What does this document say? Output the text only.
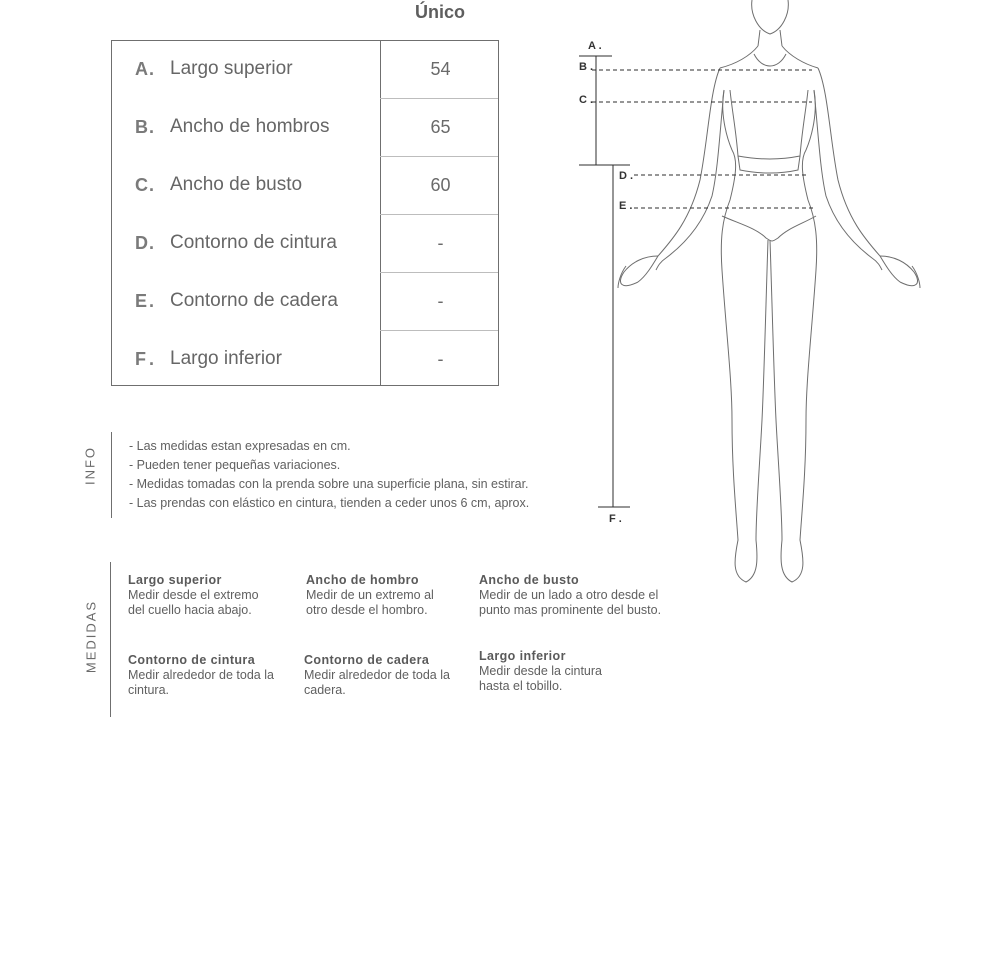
Único
A . Largo superior	54
B . Ancho de hombros	65
C . Ancho de busto	60
D . Contorno de cintura	-
E . Contorno de cadera	-
F . Largo inferior	-
INFO	- Las medidas estan expresadas en cm.
- Pueden tener pequeñas variaciones.
- Medidas tomadas con la prenda sobre una superficie plana, sin estirar.
- Las prendas con elástico en cintura, tienden a ceder unos 6 cm, aprox.
MEDIDAS
Largo superior
Medir desde el extremo del cuello hacia abajo.
Ancho de hombro
Medir de un extremo al otro desde el hombro.
Ancho de busto
Medir de un lado a otro desde el punto mas prominente del busto.
Contorno de cintura
Medir alrededor de toda la cintura.
Contorno de cadera
Medir alrededor de toda la cadera.
Largo inferior
Medir desde la cintura hasta el tobillo.
A .
B .
C .
D .
E .
F .
